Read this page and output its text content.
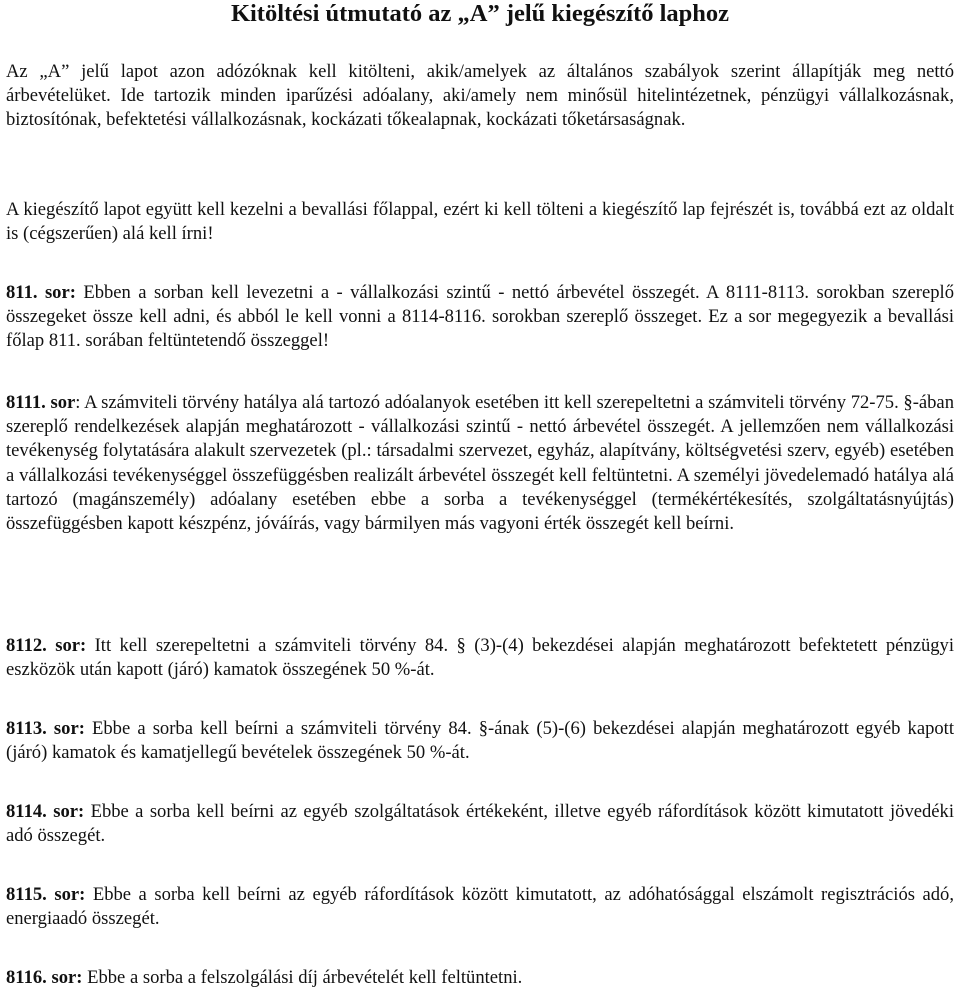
Kitöltési útmutató az „A” jelű kiegészítő laphoz

Az „A” jelű lapot azon adózóknak kell kitölteni, akik/amelyek az általános szabályok szerint állapítják meg nettó árbevételüket. Ide tartozik minden iparűzési adóalany, aki/amely nem minősül hitelintézetnek, pénzügyi vállalkozásnak, biztosítónak, befektetési vállalkozásnak, kockázati tőkealapnak, kockázati tőketársaságnak.

A kiegészítő lapot együtt kell kezelni a bevallási főlappal, ezért ki kell tölteni a kiegészítő lap fejrészét is, továbbá ezt az oldalt is (cégszerűen) alá kell írni!

811. sor: Ebben a sorban kell levezetni a - vállalkozási szintű - nettó árbevétel összegét. A 8111-8113. sorokban szereplő összegeket össze kell adni, és abból le kell vonni a 8114-8116. sorokban szereplő összeget. Ez a sor megegyezik a bevallási főlap 811. sorában feltüntetendő összeggel!

8111. sor: A számviteli törvény hatálya alá tartozó adóalanyok esetében itt kell szerepeltetni a számviteli törvény 72-75. §-ában szereplő rendelkezések alapján meghatározott - vállalkozási szintű - nettó árbevétel összegét. A jellemzően nem vállalkozási tevékenység folytatására alakult szervezetek (pl.: társadalmi szervezet, egyház, alapítvány, költségvetési szerv, egyéb) esetében a vállalkozási tevékenységgel összefüggésben realizált árbevétel összegét kell feltüntetni. A személyi jövedelemadó hatálya alá tartozó (magánszemély) adóalany esetében ebbe a sorba a tevékenységgel (termékértékesítés, szolgáltatásnyújtás) összefüggésben kapott készpénz, jóváírás, vagy bármilyen más vagyoni érték összegét kell beírni.

8112. sor: Itt kell szerepeltetni a számviteli törvény 84. § (3)-(4) bekezdései alapján meghatározott befektetett pénzügyi eszközök után kapott (járó) kamatok összegének 50 %-át.

8113. sor: Ebbe a sorba kell beírni a számviteli törvény 84. §-ának (5)-(6) bekezdései alapján meghatározott egyéb kapott (járó) kamatok és kamatjellegű bevételek összegének 50 %-át.

8114. sor: Ebbe a sorba kell beírni az egyéb szolgáltatások értékeként, illetve egyéb ráfordítások között kimutatott jövedéki adó összegét.

8115. sor: Ebbe a sorba kell beírni az egyéb ráfordítások között kimutatott, az adóhatósággal elszámolt regisztrációs adó, energiaadó összegét.

8116. sor: Ebbe a sorba a felszolgálási díj árbevételét kell feltüntetni.
